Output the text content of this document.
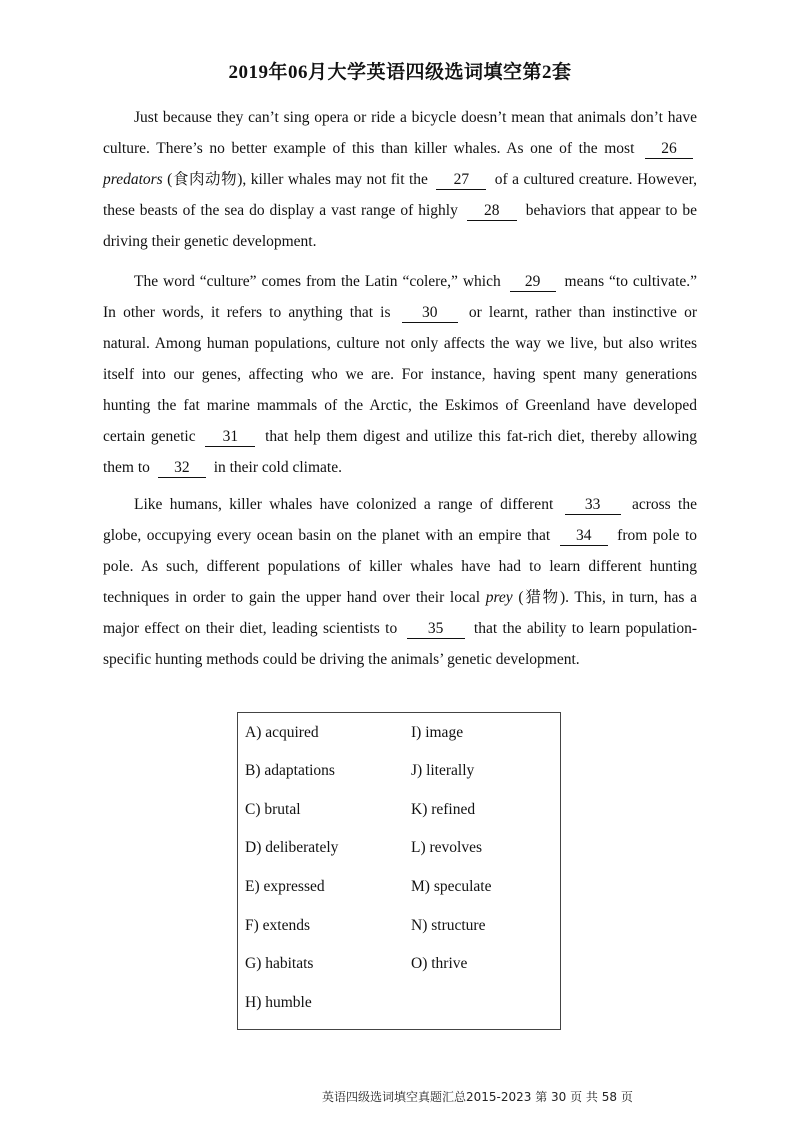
2019年06月大学英语四级选词填空第2套

Just because they can’t sing opera or ride a bicycle doesn’t mean that animals don’t have culture. There’s no better example of this than killer whales. As one of the most 26 predators (食肉动物), killer whales may not fit the 27 of a cultured creature. However, these beasts of the sea do display a vast range of highly 28 behaviors that appear to be driving their genetic development.

The word “culture” comes from the Latin “colere,” which 29 means “to cultivate.” In other words, it refers to anything that is 30 or learnt, rather than instinctive or natural. Among human populations, culture not only affects the way we live, but also writes itself into our genes, affecting who we are. For instance, having spent many generations hunting the fat marine mammals of the Arctic, the Eskimos of Greenland have developed certain genetic 31 that help them digest and utilize this fat-rich diet, thereby allowing them to 32 in their cold climate.

Like humans, killer whales have colonized a range of different 33 across the globe, occupying every ocean basin on the planet with an empire that 34 from pole to pole. As such, different populations of killer whales have had to learn different hunting techniques in order to gain the upper hand over their local prey (猎物). This, in turn, has a major effect on their diet, leading scientists to 35 that the ability to learn population-specific hunting methods could be driving the animals’ genetic development.

A) acquired
B) adaptations
C) brutal
D) deliberately
E) expressed
F) extends
G) habitats
H) humble
I) image
J) literally
K) refined
L) revolves
M) speculate
N) structure
O) thrive
英语四级选词填空真题汇总2015-2023 第 30 页 共 58 页
